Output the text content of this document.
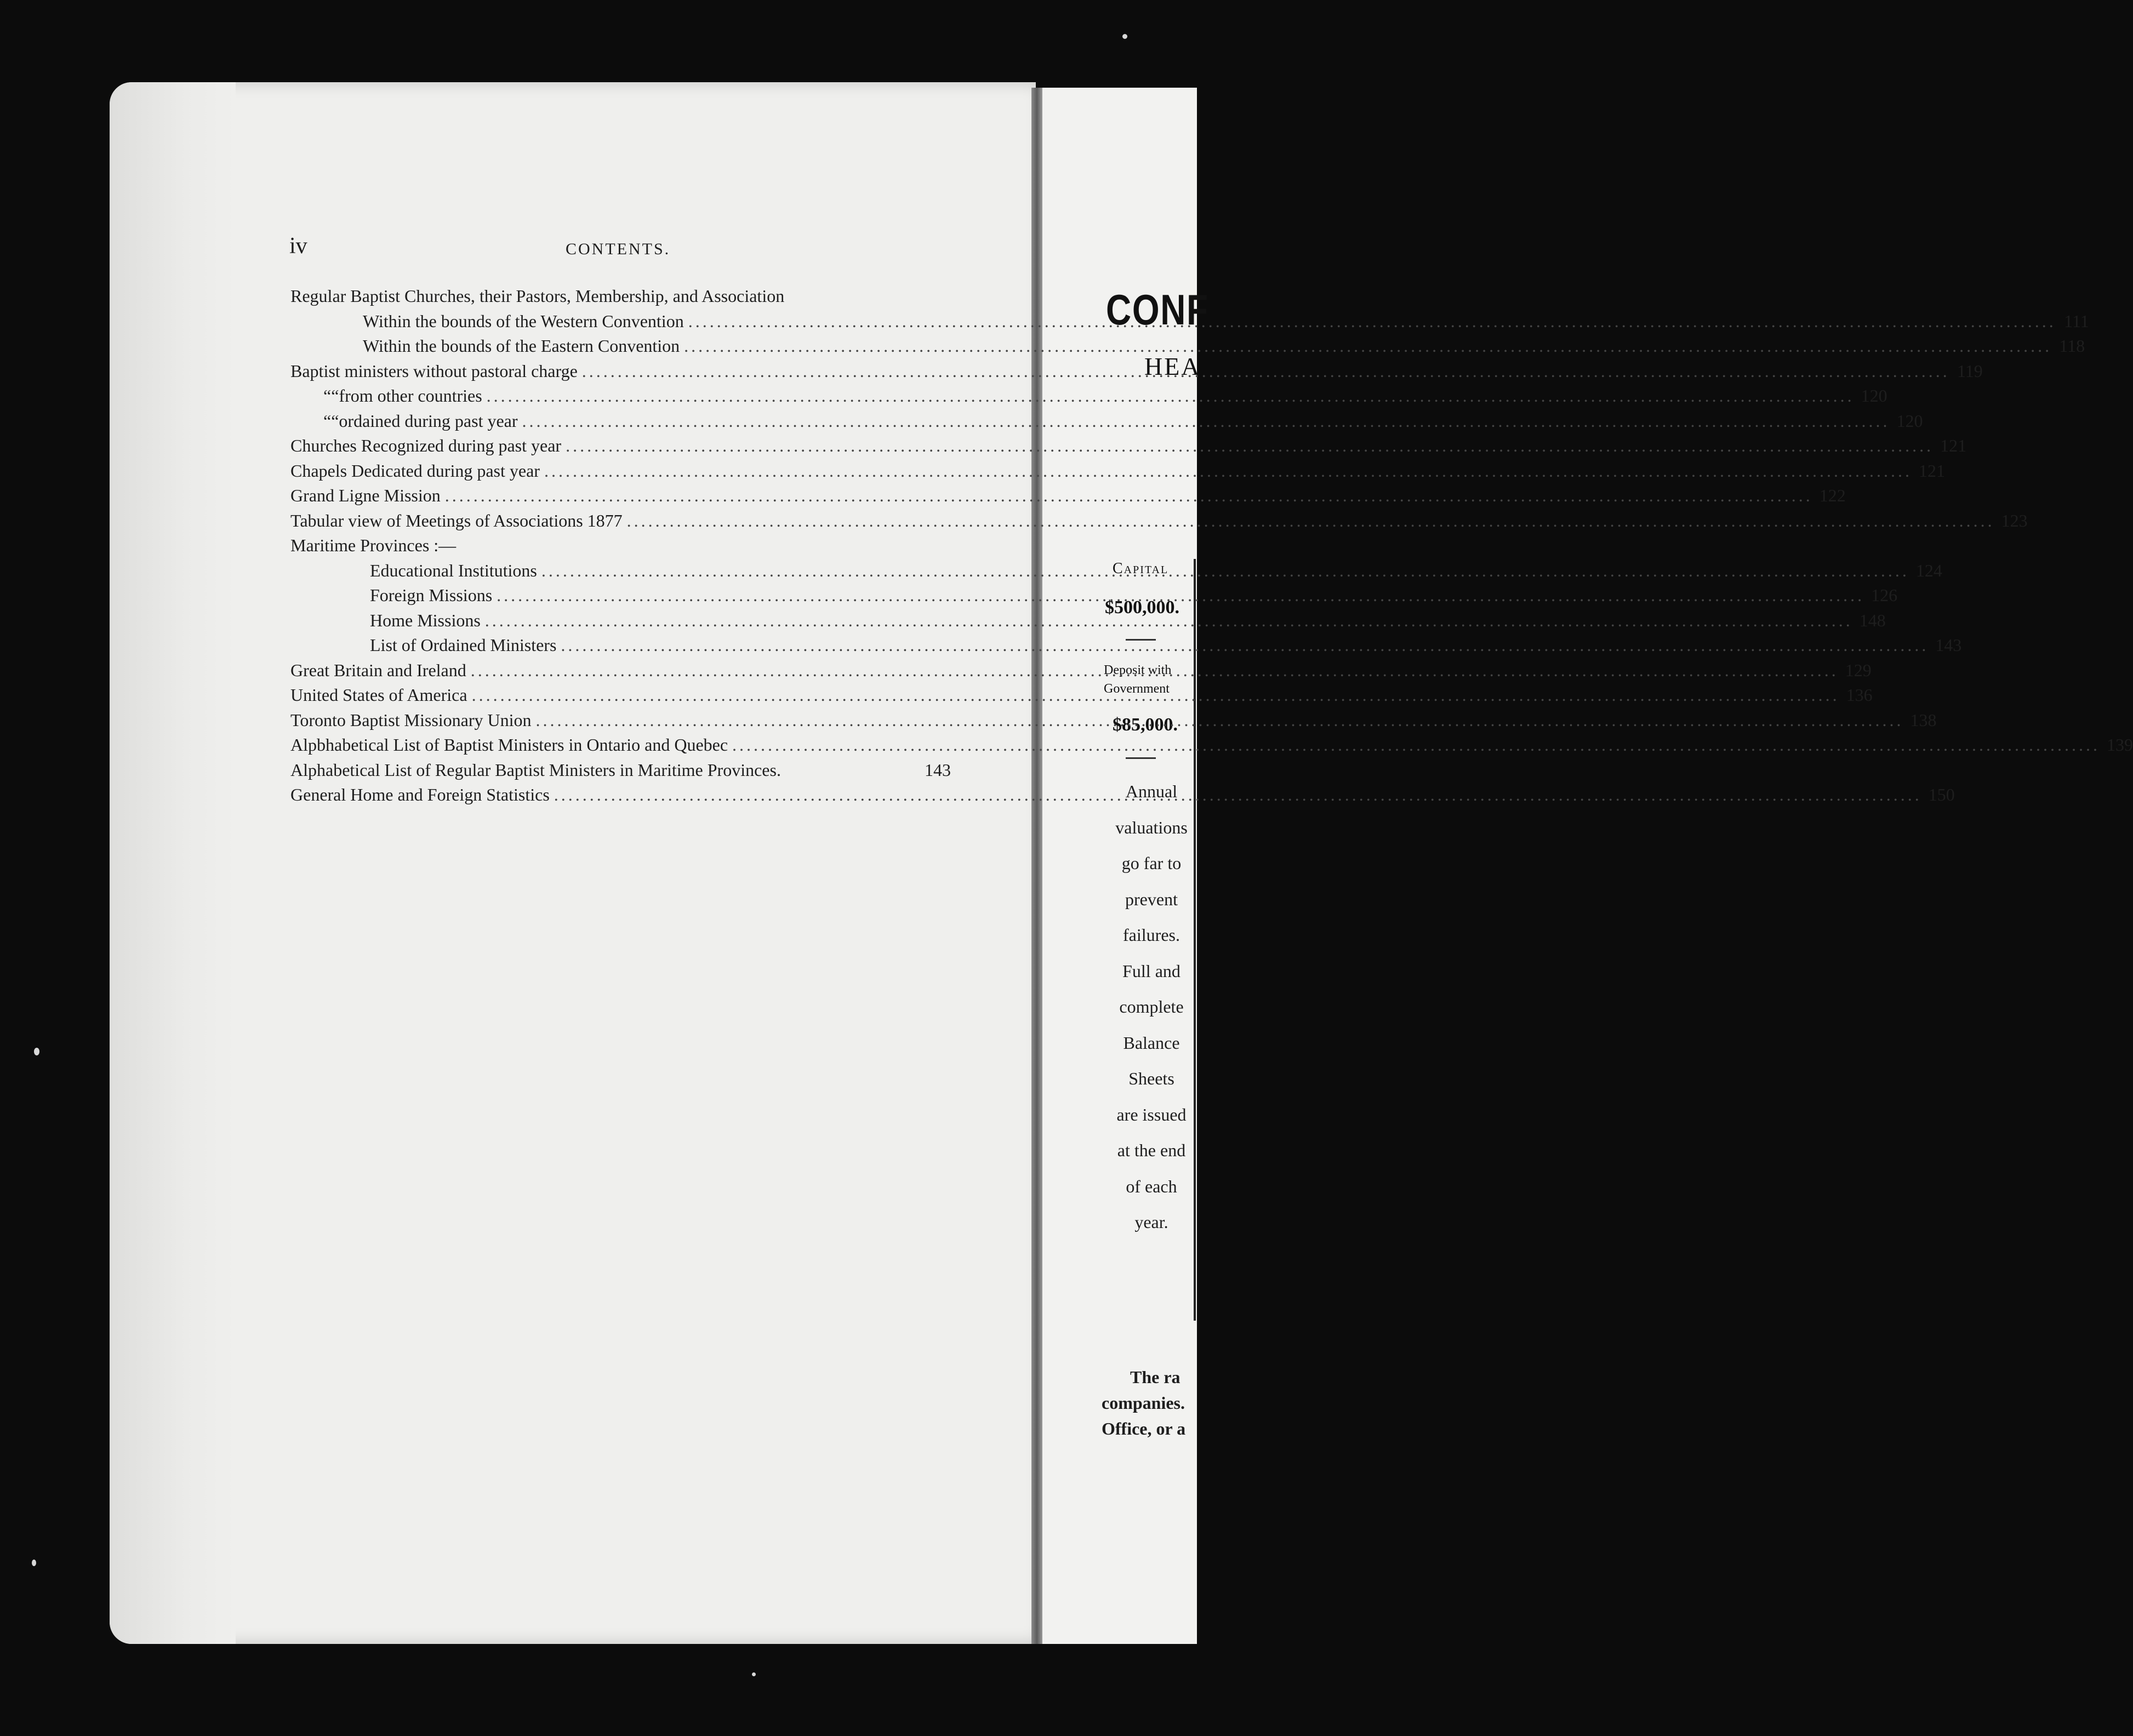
CONF
HEA
Capital
$500,000.
Deposit with
Government
$85,000.
Annual
valuations
go far to
prevent
failures.
Full and
complete
Balance
Sheets
are issued
at the end
of each
year.
The ra
companies.
Office, or a
iv	CONTENTS.
Regular Baptist Churches, their Pastors, Membership, and Association
Within the bounds of the Western Convention .....	111
Within the bounds of the Eastern Convention .....	118
Baptist ministers without pastoral charge .....	119
“ “ from other countries .....	120
“ “ ordained during past year .....	120
Churches Recognized during past year .....	121
Chapels Dedicated during past year .....	121
Grand Ligne Mission .....	122
Tabular view of Meetings of Associations 1877 .....	123
Maritime Provinces :—
Educational Institutions .....	124
Foreign Missions .....	126
Home Missions .....	148
List of Ordained Ministers .....	143
Great Britain and Ireland .....	129
United States of America .....	136
Toronto Baptist Missionary Union .....	138
Alpbhabetical List of Baptist Ministers in Ontario and Quebec .....	139
Alphabetical List of Regular Baptist Ministers in Maritime Provinces.	143
General Home and Foreign Statistics .....	150
